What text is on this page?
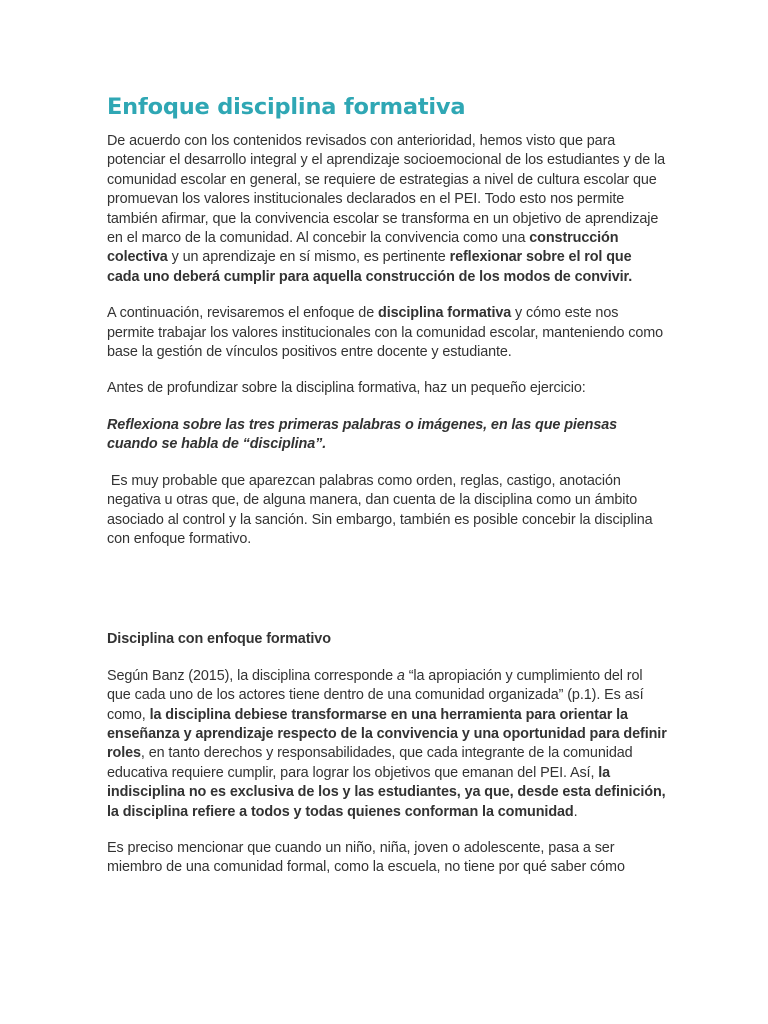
Enfoque disciplina formativa

De acuerdo con los contenidos revisados con anterioridad, hemos visto que para potenciar el desarrollo integral y el aprendizaje socioemocional de los estudiantes y de la comunidad escolar en general, se requiere de estrategias a nivel de cultura escolar que promuevan los valores institucionales declarados en el PEI. Todo esto nos permite también afirmar, que la convivencia escolar se transforma en un objetivo de aprendizaje en el marco de la comunidad. Al concebir la convivencia como una construcción colectiva y un aprendizaje en sí mismo, es pertinente reflexionar sobre el rol que cada uno deberá cumplir para aquella construcción de los modos de convivir.

A continuación, revisaremos el enfoque de disciplina formativa y cómo este nos permite trabajar los valores institucionales con la comunidad escolar, manteniendo como base la gestión de vínculos positivos entre docente y estudiante.

Antes de profundizar sobre la disciplina formativa, haz un pequeño ejercicio:

Reflexiona sobre las tres primeras palabras o imágenes, en las que piensas cuando se habla de “disciplina”.

Es muy probable que aparezcan palabras como orden, reglas, castigo, anotación negativa u otras que, de alguna manera, dan cuenta de la disciplina como un ámbito asociado al control y la sanción. Sin embargo, también es posible concebir la disciplina con enfoque formativo.

Disciplina con enfoque formativo

Según Banz (2015), la disciplina corresponde a “la apropiación y cumplimiento del rol que cada uno de los actores tiene dentro de una comunidad organizada” (p.1). Es así como, la disciplina debiese transformarse en una herramienta para orientar la enseñanza y aprendizaje respecto de la convivencia y una oportunidad para definir roles, en tanto derechos y responsabilidades, que cada integrante de la comunidad educativa requiere cumplir, para lograr los objetivos que emanan del PEI. Así, la indisciplina no es exclusiva de los y las estudiantes, ya que, desde esta definición, la disciplina refiere a todos y todas quienes conforman la comunidad.

Es preciso mencionar que cuando un niño, niña, joven o adolescente, pasa a ser miembro de una comunidad formal, como la escuela, no tiene por qué saber cómo
